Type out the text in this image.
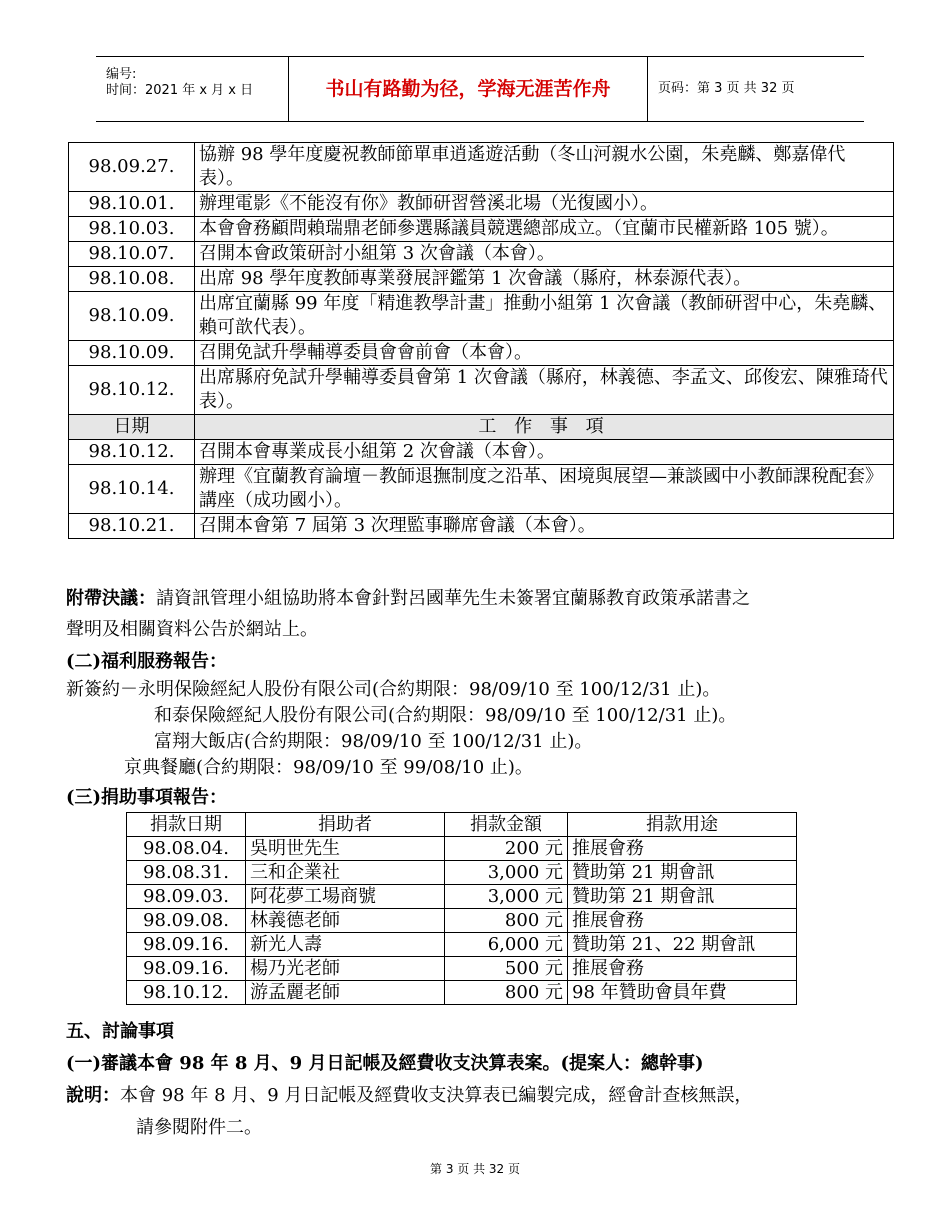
编号:
时间：2021 年 x 月 x 日	书山有路勤为径，学海无涯苦作舟	页码：第 3 页 共 32 页
98.09.27.	協辦 98 學年度慶祝教師節單車逍遙遊活動（冬山河親水公園，朱堯麟、鄭嘉偉代表）。
98.10.01.	辦理電影《不能沒有你》教師研習營溪北場（光復國小）。
98.10.03.	本會會務顧問賴瑞鼎老師參選縣議員競選總部成立。（宜蘭市民權新路 105 號）。
98.10.07.	召開本會政策研討小組第 3 次會議（本會）。
98.10.08.	出席 98 學年度教師專業發展評鑑第 1 次會議（縣府，林泰源代表）。
98.10.09.	出席宜蘭縣 99 年度「精進教學計畫」推動小組第 1 次會議（教師研習中心，朱堯麟、賴可歆代表）。
98.10.09.	召開免試升學輔導委員會會前會（本會）。
98.10.12.	出席縣府免試升學輔導委員會第 1 次會議（縣府，林義德、李孟文、邱俊宏、陳雅琦代表）。
日期	工 作 事 項
98.10.12.	召開本會專業成長小組第 2 次會議（本會）。
98.10.14.	辦理《宜蘭教育論壇－教師退撫制度之沿革、困境與展望—兼談國中小教師課稅配套》講座（成功國小）。
98.10.21.	召開本會第 7 屆第 3 次理監事聯席會議（本會）。
附帶決議：請資訊管理小組協助將本會針對呂國華先生未簽署宜蘭縣教育政策承諾書之
聲明及相關資料公告於網站上。
(二)福利服務報告：
新簽約－永明保險經紀人股份有限公司(合約期限：98/09/10 至 100/12/31 止)。
和泰保險經紀人股份有限公司(合約期限：98/09/10 至 100/12/31 止)。
富翔大飯店(合約期限：98/09/10 至 100/12/31 止)。
京典餐廳(合約期限：98/09/10 至 99/08/10 止)。
(三)捐助事項報告：
捐款日期	捐助者	捐款金額	捐款用途
98.08.04.	吳明世先生	200 元	推展會務
98.08.31.	三和企業社	3,000 元	贊助第 21 期會訊
98.09.03.	阿花夢工場商號	3,000 元	贊助第 21 期會訊
98.09.08.	林義德老師	800 元	推展會務
98.09.16.	新光人壽	6,000 元	贊助第 21、22 期會訊
98.09.16.	楊乃光老師	500 元	推展會務
98.10.12.	游孟麗老師	800 元	98 年贊助會員年費
五、討論事項
(一)審議本會 98 年 8 月、9 月日記帳及經費收支決算表案。(提案人：總幹事)
說明：本會 98 年 8 月、9 月日記帳及經費收支決算表已編製完成，經會計查核無誤，
請參閱附件二。
第 3 页 共 32 页
